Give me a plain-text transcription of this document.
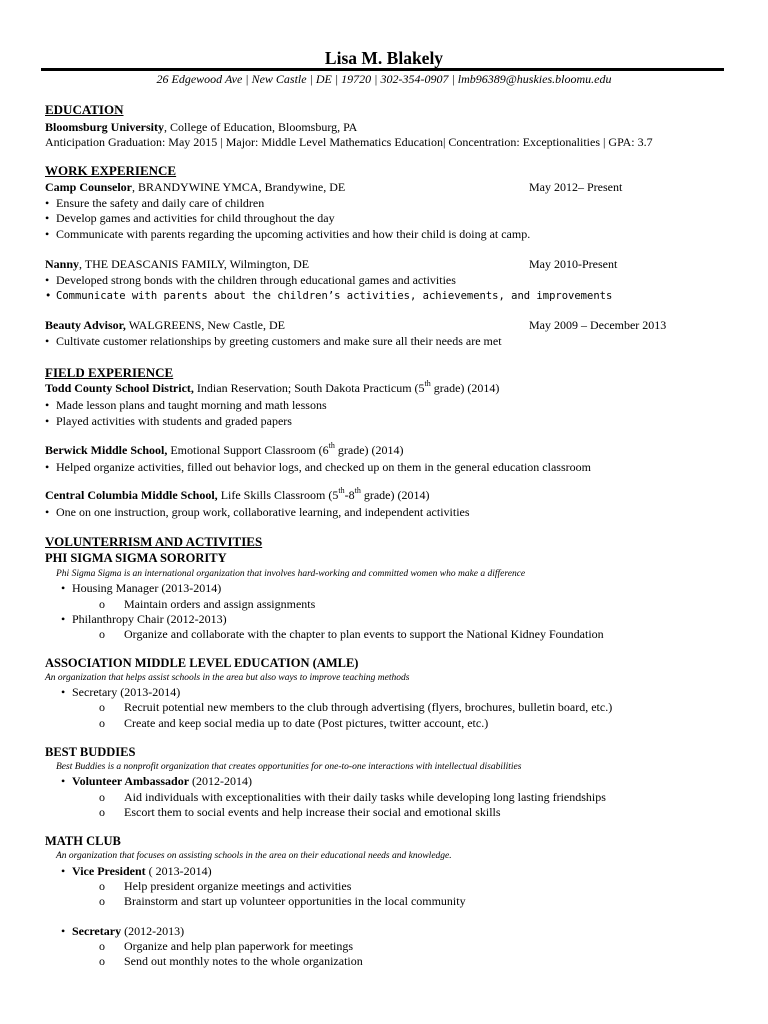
Lisa M. Blakely
26 Edgewood Ave | New Castle | DE | 19720 | 302-354-0907 | lmb96389@huskies.bloomu.edu
EDUCATION
Bloomsburg University, College of Education, Bloomsburg, PA
Anticipation Graduation: May 2015 | Major: Middle Level Mathematics Education| Concentration: Exceptionalities | GPA: 3.7
WORK EXPERIENCE
Camp Counselor, BRANDYWINE YMCA, Brandywine, DE	May 2012– Present
• Ensure the safety and daily care of children
• Develop games and activities for child throughout the day
• Communicate with parents regarding the upcoming activities and how their child is doing at camp.
Nanny, THE DEASCANIS FAMILY, Wilmington, DE	May 2010-Present
• Developed strong bonds with the children through educational games and activities
• Communicate with parents about the children’s activities, achievements, and improvements
Beauty Advisor, WALGREENS, New Castle, DE	May 2009 – December 2013
• Cultivate customer relationships by greeting customers and make sure all their needs are met
FIELD EXPERIENCE
Todd County School District, Indian Reservation; South Dakota Practicum (5th grade) (2014)
• Made lesson plans and taught morning and math lessons
• Played activities with students and graded papers
Berwick Middle School, Emotional Support Classroom (6th grade) (2014)
• Helped organize activities, filled out behavior logs, and checked up on them in the general education classroom
Central Columbia Middle School, Life Skills Classroom (5th-8th grade) (2014)
• One on one instruction, group work, collaborative learning, and independent activities
VOLUNTERRISM AND ACTIVITIES
PHI SIGMA SIGMA SORORITY
Phi Sigma Sigma is an international organization that involves hard-working and committed women who make a difference
• Housing Manager (2013-2014)
o Maintain orders and assign assignments
• Philanthropy Chair (2012-2013)
o Organize and collaborate with the chapter to plan events to support the National Kidney Foundation
ASSOCIATION MIDDLE LEVEL EDUCATION (AMLE)
An organization that helps assist schools in the area but also ways to improve teaching methods
• Secretary (2013-2014)
o Recruit potential new members to the club through advertising (flyers, brochures, bulletin board, etc.)
o Create and keep social media up to date (Post pictures, twitter account, etc.)
BEST BUDDIES
Best Buddies is a nonprofit organization that creates opportunities for one-to-one interactions with intellectual disabilities
• Volunteer Ambassador (2012-2014)
o Aid individuals with exceptionalities with their daily tasks while developing long lasting friendships
o Escort them to social events and help increase their social and emotional skills
MATH CLUB
An organization that focuses on assisting schools in the area on their educational needs and knowledge.
• Vice President ( 2013-2014)
o Help president organize meetings and activities
o Brainstorm and start up volunteer opportunities in the local community
• Secretary (2012-2013)
o Organize and help plan paperwork for meetings
o Send out monthly notes to the whole organization
